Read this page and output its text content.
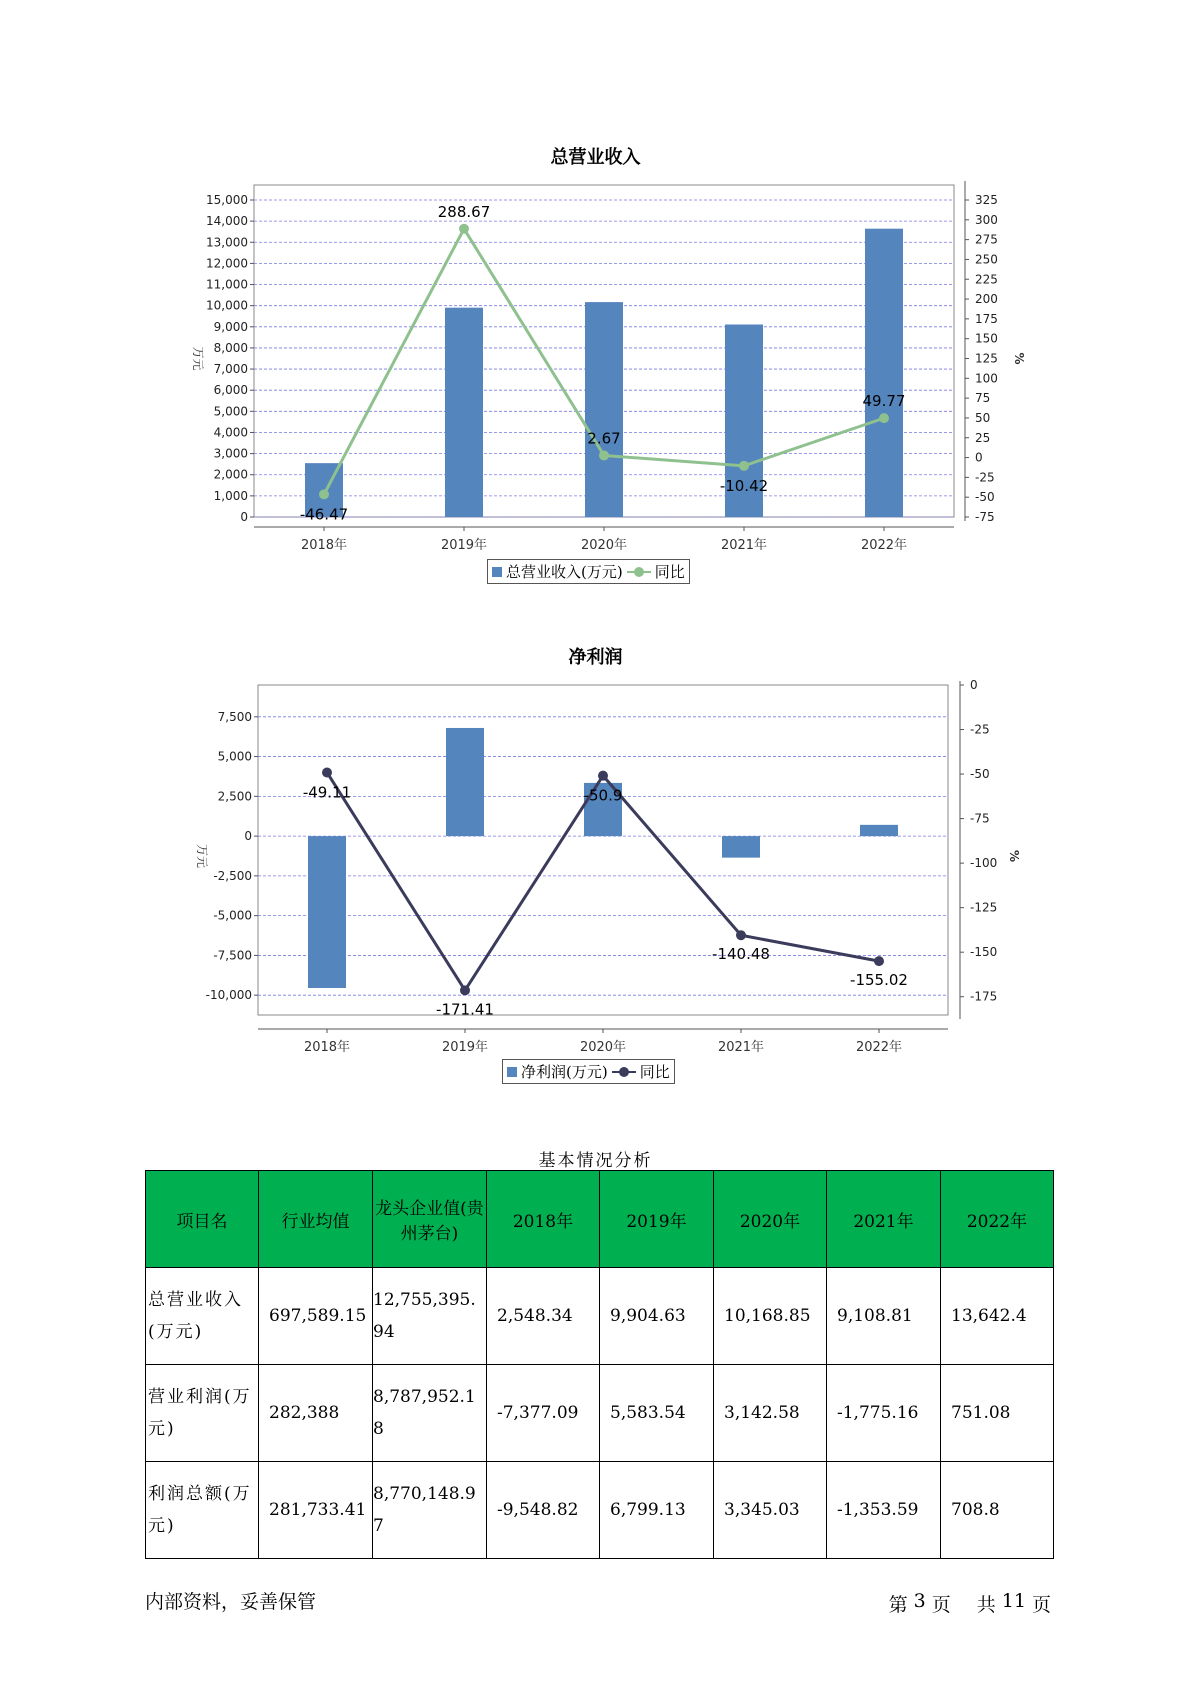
总营业收入
0
1,000
2,000
3,000
4,000
5,000
6,000
7,000
8,000
9,000
10,000
11,000
12,000
13,000
14,000
15,000
万元
-75
-50
-25
0
25
50
75
100
125
150
175
200
225
250
275
300
325
%
2018年	2019年	2020年	2021年	2022年
-46.47
288.67
2.67
-10.42
49.77
总营业收入(万元) 同比
净利润
-10,000
-7,500
-5,000
-2,500
0
2,500
5,000
7,500
万元
-175
-150
-125
-100
-75
-50
-25
0
%
2018年	2019年	2020年	2021年	2022年
-49.11
-171.41
-50.9
-140.48
-155.02
净利润(万元) 同比
基本情况分析
项目名	行业均值	龙头企业值(贵州茅台)	2018年	2019年	2020年	2021年	2022年
总营业收入(万元)	697,589.15	12,755,395.94	2,548.34	9,904.63	10,168.85	9,108.81	13,642.4
营业利润(万元)	282,388	8,787,952.18	-7,377.09	5,583.54	3,142.58	-1,775.16	751.08
利润总额(万元)	281,733.41	8,770,148.97	-9,548.82	6,799.13	3,345.03	-1,353.59	708.8
内部资料，妥善保管	第 3 页 共 11 页
